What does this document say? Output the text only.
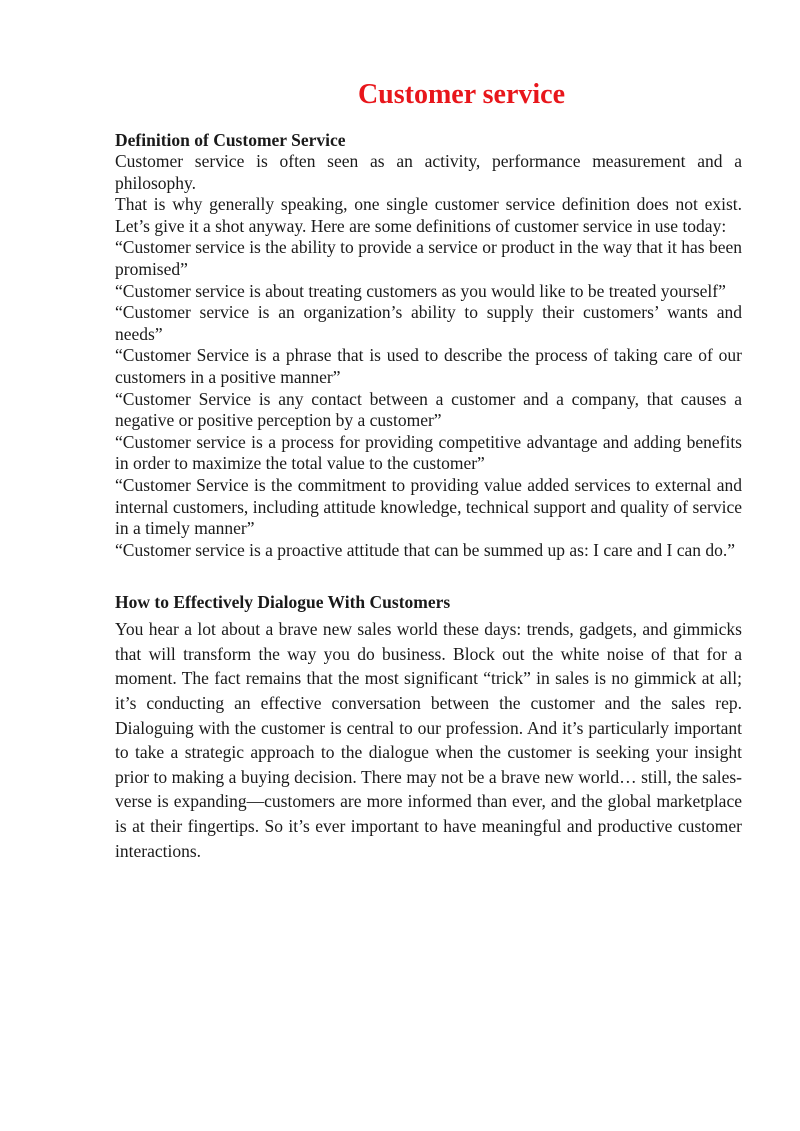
Customer service
Definition of Customer Service

Customer service is often seen as an activity, performance measurement and a philosophy.

That is why generally speaking, one single customer service definition does not exist. Let’s give it a shot anyway. Here are some definitions of customer service in use today:

“Customer service is the ability to provide a service or product in the way that it has been promised”

“Customer service is about treating customers as you would like to be treated yourself”

“Customer service is an organization’s ability to supply their customers’ wants and needs”

“Customer Service is a phrase that is used to describe the process of taking care of our customers in a positive manner”

“Customer Service is any contact between a customer and a company, that causes a negative or positive perception by a customer”

“Customer service is a process for providing competitive advantage and adding benefits in order to maximize the total value to the customer”

“Customer Service is the commitment to providing value added services to external and internal customers, including attitude knowledge, technical support and quality of service in a timely manner”

“Customer service is a proactive attitude that can be summed up as: I care and I can do.”

How to Effectively Dialogue With Customers

You hear a lot about a brave new sales world these days: trends, gadgets, and gimmicks that will transform the way you do business. Block out the white noise of that for a moment. The fact remains that the most significant “trick” in sales is no gimmick at all; it’s conducting an effective conversation between the customer and the sales rep. Dialoguing with the customer is central to our profession. And it’s particularly important to take a strategic approach to the dialogue when the customer is seeking your insight prior to making a buying decision. There may not be a brave new world… still, the sales-verse is expanding—customers are more informed than ever, and the global marketplace is at their fingertips. So it’s ever important to have meaningful and productive customer interactions.
